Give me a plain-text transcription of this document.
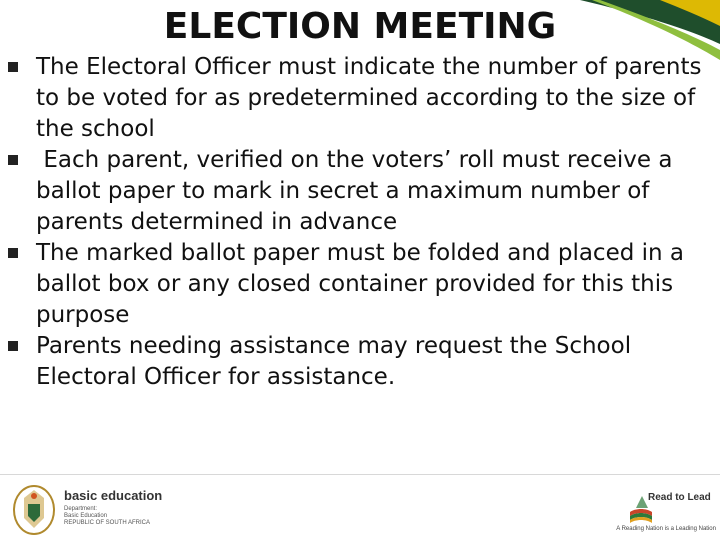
ELECTION MEETING
The Electoral Officer must indicate the number of parents to be voted for as predetermined according to the size of the school
Each parent, verified on the voters’ roll must receive a ballot paper to mark in secret a maximum number of parents determined in advance
The marked ballot paper must be folded and placed in a ballot box or any closed container provided for this this purpose
Parents needing assistance may request the School Electoral Officer for assistance.
basic education
Department:
Basic Education
REPUBLIC OF SOUTH AFRICA
Read to Lead
A Reading Nation is a Leading Nation
